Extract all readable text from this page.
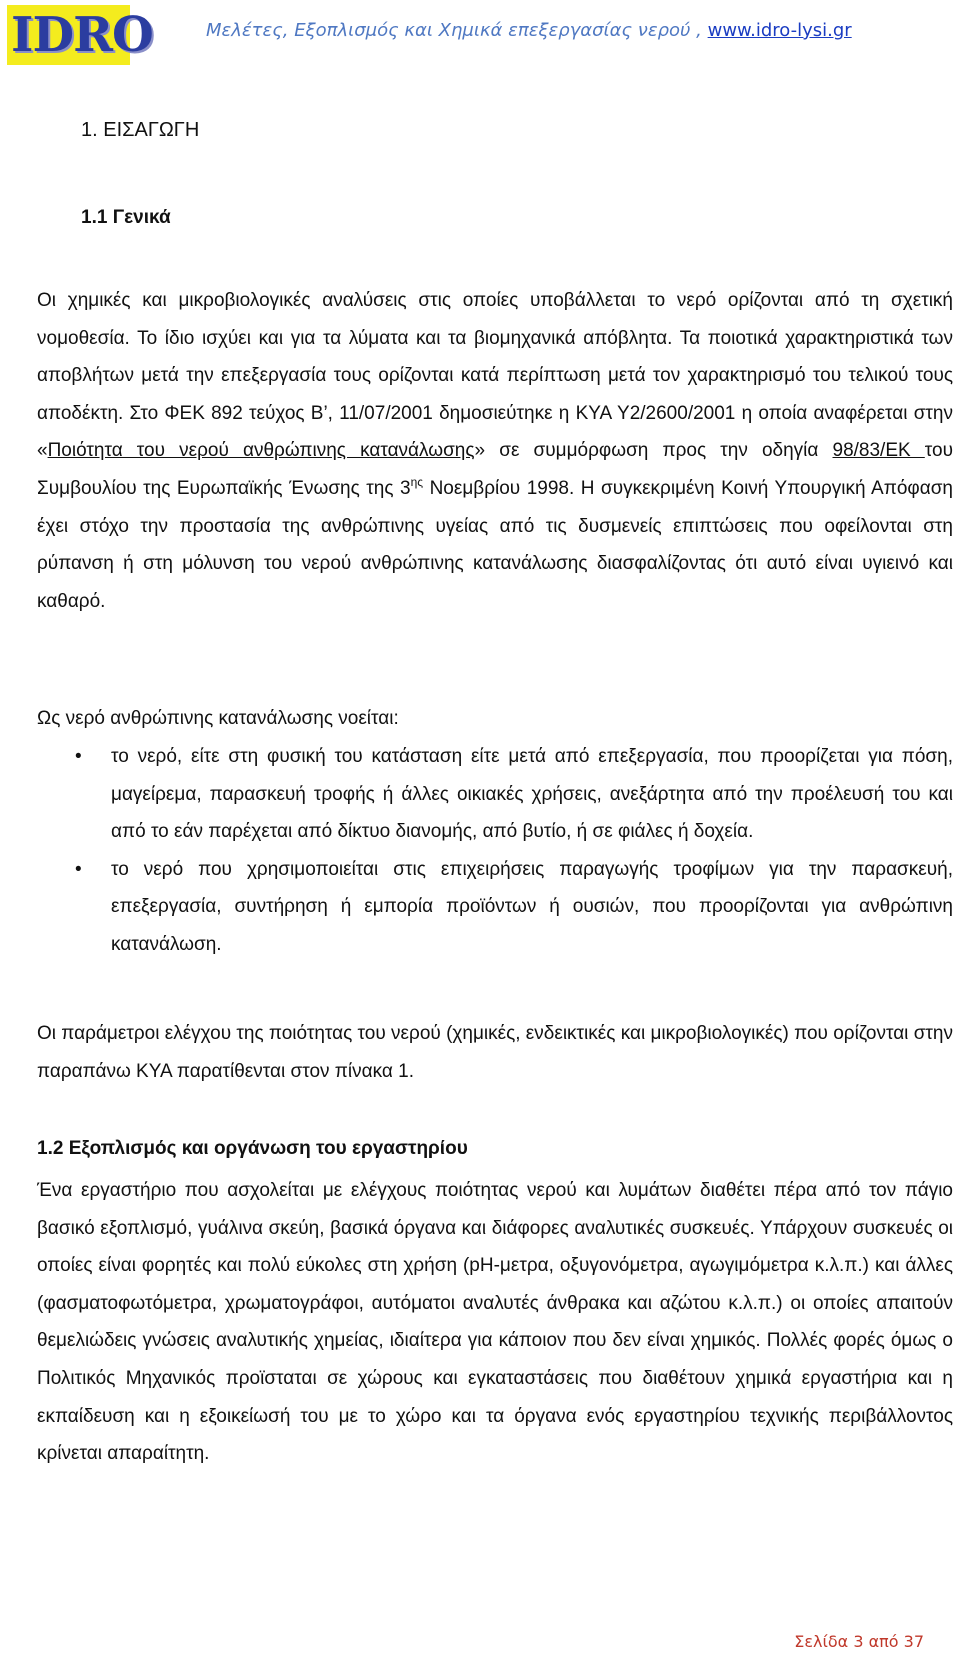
IDRO	Μελέτες, Εξοπλισμός και Χημικά επεξεργασίας νερού , www.idro-lysi.gr
1. ΕΙΣΑΓΩΓΗ
1.1 Γενικά

Οι χημικές και μικροβιολογικές αναλύσεις στις οποίες υποβάλλεται το νερό ορίζονται από τη σχετική νομοθεσία. Το ίδιο ισχύει και για τα λύματα και τα βιομηχανικά απόβλητα. Τα ποιοτικά χαρακτηριστικά των αποβλήτων μετά την επεξεργασία τους ορίζονται κατά περίπτωση μετά τον χαρακτηρισμό του τελικού τους αποδέκτη. Στο ΦΕΚ 892 τεύχος Β’, 11/07/2001 δημοσιεύτηκε η ΚΥΑ Υ2/2600/2001 η οποία αναφέρεται στην «Ποιότητα του νερού ανθρώπινης κατανάλωσης» σε συμμόρφωση προς την οδηγία 98/83/ΕΚ του Συμβουλίου της Ευρωπαϊκής Ένωσης της $3^{\eta\varsigma}$ Νοεμβρίου 1998. Η συγκεκριμένη Κοινή Υπουργική Απόφαση έχει στόχο την προστασία της ανθρώπινης υγείας από τις δυσμενείς επιπτώσεις που οφείλονται στη ρύπανση ή στη μόλυνση του νερού ανθρώπινης κατανάλωσης διασφαλίζοντας ότι αυτό είναι υγιεινό και καθαρό.

Ως νερό ανθρώπινης κατανάλωσης νοείται:

• το νερό, είτε στη φυσική του κατάσταση είτε μετά από επεξεργασία, που προορίζεται για πόση, μαγείρεμα, παρασκευή τροφής ή άλλες οικιακές χρήσεις, ανεξάρτητα από την προέλευσή του και από το εάν παρέχεται από δίκτυο διανομής, από βυτίο, ή σε φιάλες ή δοχεία.
• το νερό που χρησιμοποιείται στις επιχειρήσεις παραγωγής τροφίμων για την παρασκευή, επεξεργασία, συντήρηση ή εμπορία προϊόντων ή ουσιών, που προορίζονται για ανθρώπινη κατανάλωση.

Οι παράμετροι ελέγχου της ποιότητας του νερού (χημικές, ενδεικτικές και μικροβιολογικές) που ορίζονται στην παραπάνω ΚΥΑ παρατίθενται στον πίνακα 1.

1.2 Εξοπλισμός και οργάνωση του εργαστηρίου

Ένα εργαστήριο που ασχολείται με ελέγχους ποιότητας νερού και λυμάτων διαθέτει πέρα από τον πάγιο βασικό εξοπλισμό, γυάλινα σκεύη, βασικά όργανα και διάφορες αναλυτικές συσκευές. Υπάρχουν συσκευές οι οποίες είναι φορητές και πολύ εύκολες στη χρήση (pH-μετρα, οξυγονόμετρα, αγωγιμόμετρα κ.λ.π.) και άλλες (φασματοφωτόμετρα, χρωματογράφοι, αυτόματοι αναλυτές άνθρακα και αζώτου κ.λ.π.) οι οποίες απαιτούν θεμελιώδεις γνώσεις αναλυτικής χημείας, ιδιαίτερα για κάποιον που δεν είναι χημικός. Πολλές φορές όμως ο Πολιτικός Μηχανικός προϊσταται σε χώρους και εγκαταστάσεις που διαθέτουν χημικά εργαστήρια και η εκπαίδευση και η εξοικείωσή του με το χώρο και τα όργανα ενός εργαστηρίου τεχνικής περιβάλλοντος κρίνεται απαραίτητη.

Σελίδα 3 από 37
